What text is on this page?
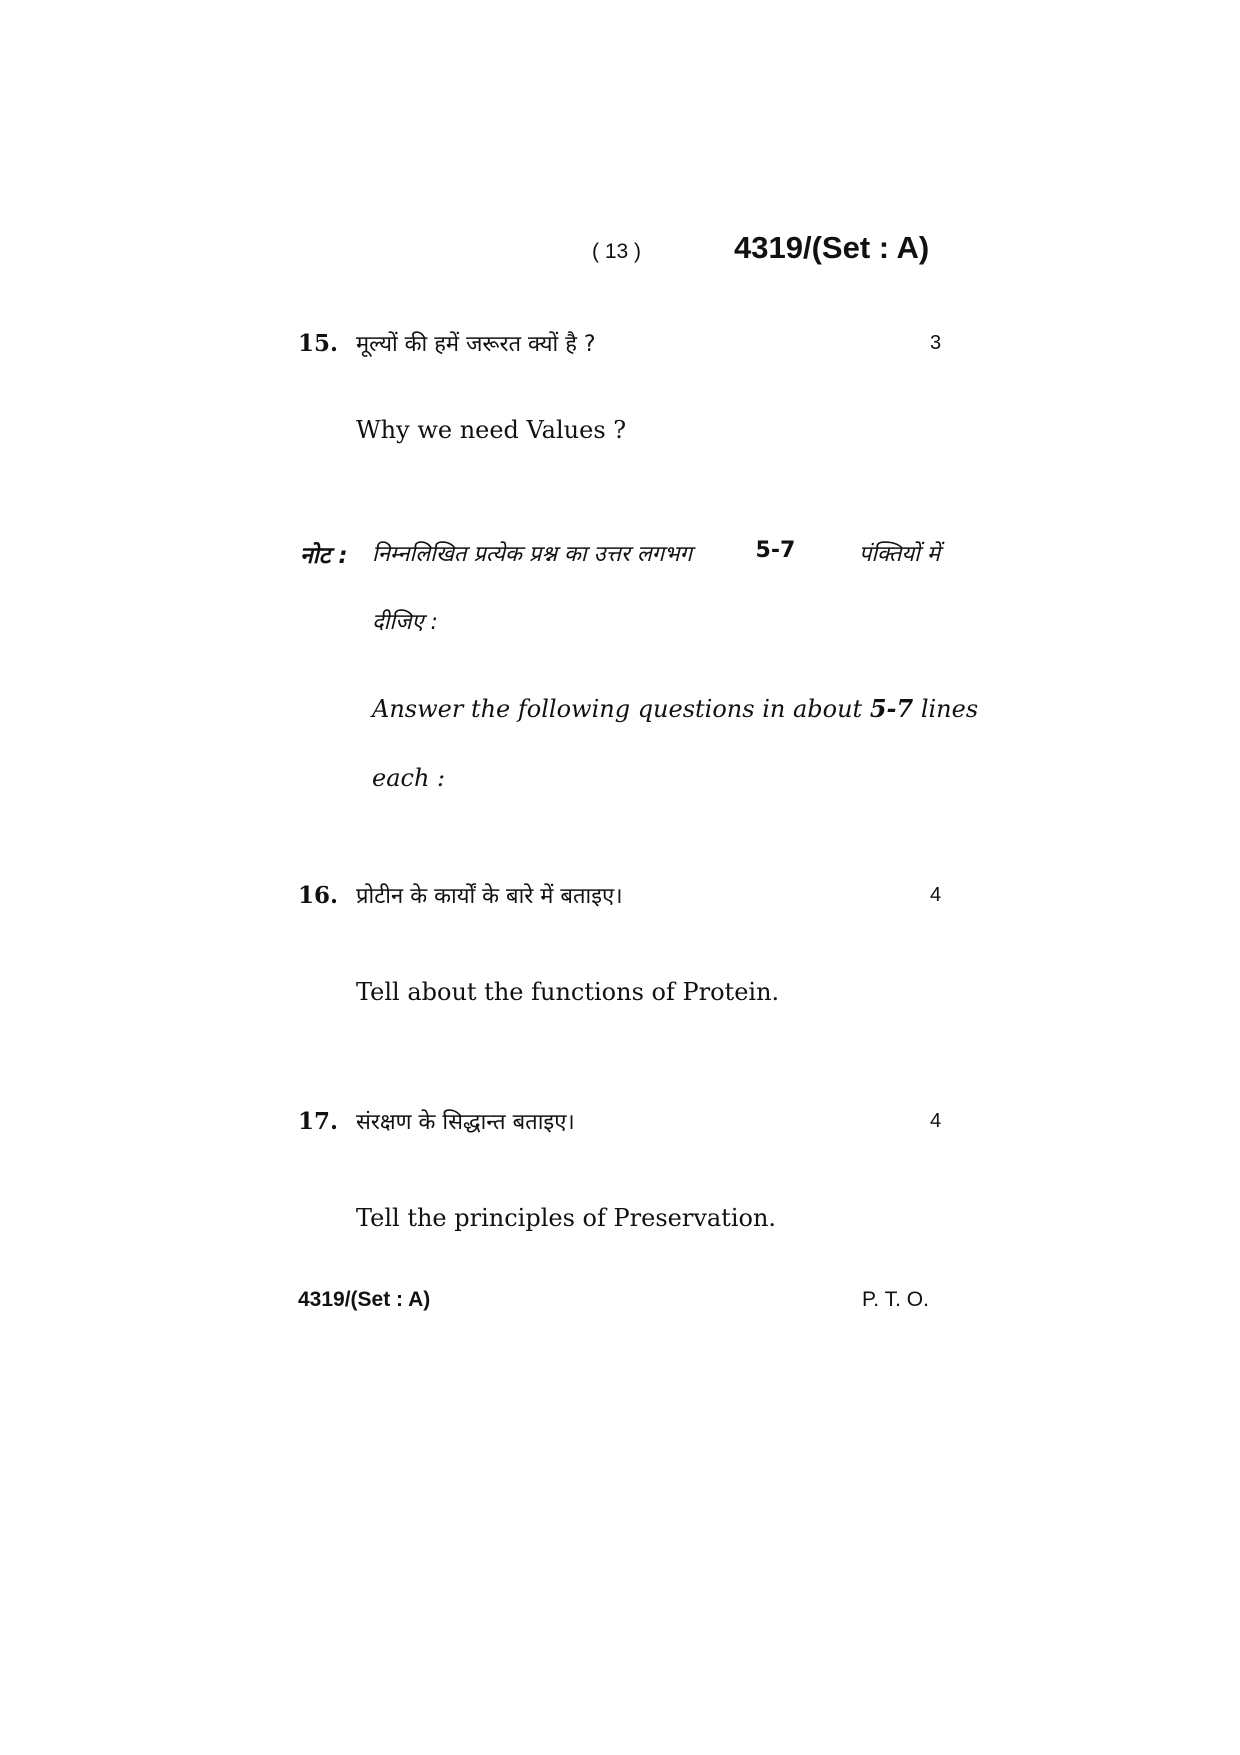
( 13 )	4319/(Set : A)
15. मूल्यों की हमें जरूरत क्यों है ?	3
Why we need Values ?
नोट : निम्नलिखित प्रत्येक प्रश्न का उत्तर लगभग	5-7	पंक्तियों में
दीजिए :
Answer the following questions in about 5-7 lines
each :
16. प्रोटीन के कार्यों के बारे में बताइए।	4
Tell about the functions of Protein.
17. संरक्षण के सिद्धान्त बताइए।	4
Tell the principles of Preservation.
4319/(Set : A)	P. T. O.
